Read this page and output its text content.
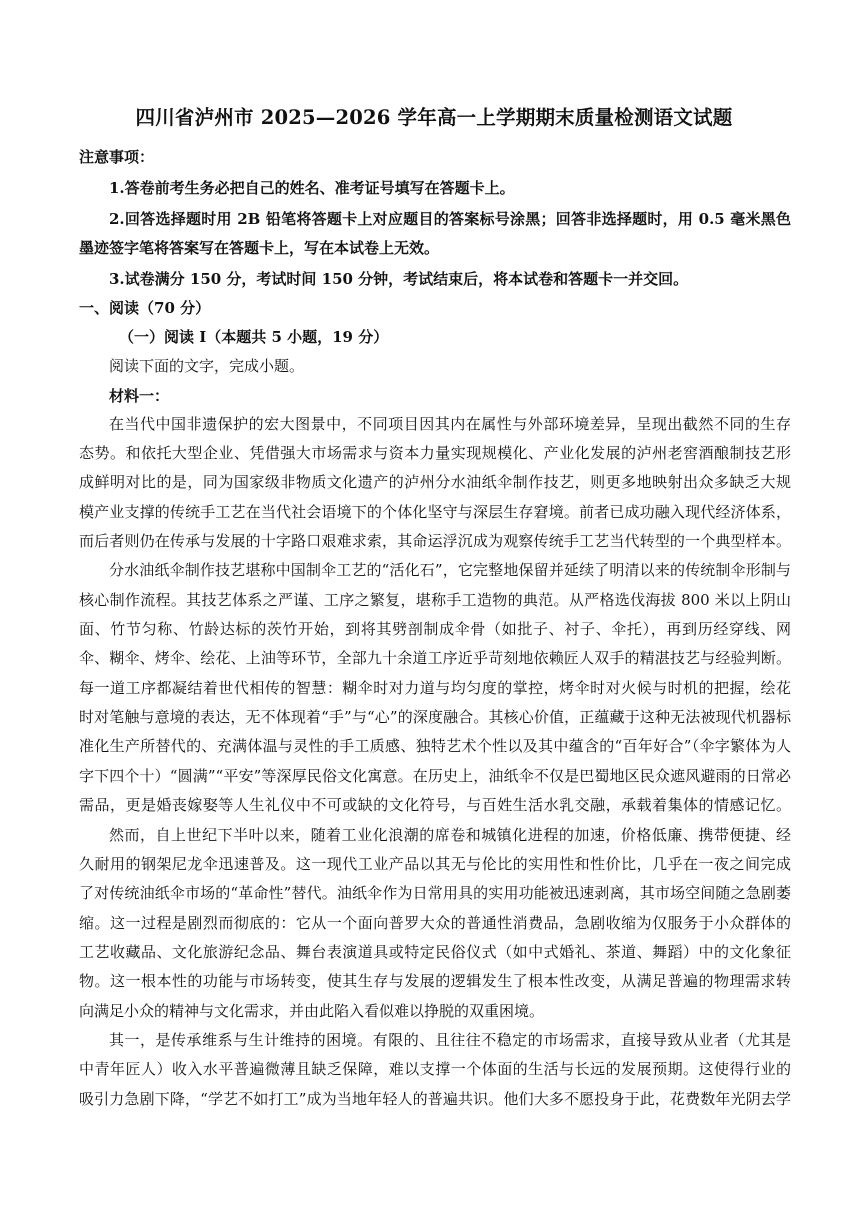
四川省泸州市 2025—2026 学年高一上学期期末质量检测语文试题
注意事项：
1.答卷前考生务必把自己的姓名、准考证号填写在答题卡上。
2.回答选择题时用 2B 铅笔将答题卡上对应题目的答案标号涂黑；回答非选择题时，用 0.5 毫米黑色
墨迹签字笔将答案写在答题卡上，写在本试卷上无效。
3.试卷满分 150 分，考试时间 150 分钟，考试结束后，将本试卷和答题卡一并交回。
一、阅读（70 分）
（一）阅读 I（本题共 5 小题，19 分）
阅读下面的文字，完成小题。
材料一：
在当代中国非遗保护的宏大图景中，不同项目因其内在属性与外部环境差异，呈现出截然不同的生存
态势。和依托大型企业、凭借强大市场需求与资本力量实现规模化、产业化发展的泸州老窖酒酿制技艺形
成鲜明对比的是，同为国家级非物质文化遗产的泸州分水油纸伞制作技艺，则更多地映射出众多缺乏大规
模产业支撑的传统手工艺在当代社会语境下的个体化坚守与深层生存窘境。前者已成功融入现代经济体系，
而后者则仍在传承与发展的十字路口艰难求索，其命运浮沉成为观察传统手工艺当代转型的一个典型样本。
分水油纸伞制作技艺堪称中国制伞工艺的“活化石”，它完整地保留并延续了明清以来的传统制伞形制与
核心制作流程。其技艺体系之严谨、工序之繁复，堪称手工造物的典范。从严格选伐海拔 800 米以上阴山
面、竹节匀称、竹龄达标的茨竹开始，到将其劈剖制成伞骨（如批子、衬子、伞托），再到历经穿线、网
伞、糊伞、烤伞、绘花、上油等环节，全部九十余道工序近乎苛刻地依赖匠人双手的精湛技艺与经验判断。
每一道工序都凝结着世代相传的智慧：糊伞时对力道与均匀度的掌控，烤伞时对火候与时机的把握，绘花
时对笔触与意境的表达，无不体现着“手”与“心”的深度融合。其核心价值，正蕴藏于这种无法被现代机器标
准化生产所替代的、充满体温与灵性的手工质感、独特艺术个性以及其中蕴含的“百年好合”（伞字繁体为人
字下四个十）“圆满”“平安”等深厚民俗文化寓意。在历史上，油纸伞不仅是巴蜀地区民众遮风避雨的日常必
需品，更是婚丧嫁娶等人生礼仪中不可或缺的文化符号，与百姓生活水乳交融，承载着集体的情感记忆。
然而，自上世纪下半叶以来，随着工业化浪潮的席卷和城镇化进程的加速，价格低廉、携带便捷、经
久耐用的钢架尼龙伞迅速普及。这一现代工业产品以其无与伦比的实用性和性价比，几乎在一夜之间完成
了对传统油纸伞市场的“革命性”替代。油纸伞作为日常用具的实用功能被迅速剥离，其市场空间随之急剧萎
缩。这一过程是剧烈而彻底的：它从一个面向普罗大众的普通性消费品，急剧收缩为仅服务于小众群体的
工艺收藏品、文化旅游纪念品、舞台表演道具或特定民俗仪式（如中式婚礼、茶道、舞蹈）中的文化象征
物。这一根本性的功能与市场转变，使其生存与发展的逻辑发生了根本性改变，从满足普遍的物理需求转
向满足小众的精神与文化需求，并由此陷入看似难以挣脱的双重困境。
其一，是传承维系与生计维持的困境。有限的、且往往不稳定的市场需求，直接导致从业者（尤其是
中青年匠人）收入水平普遍微薄且缺乏保障，难以支撑一个体面的生活与长远的发展预期。这使得行业的
吸引力急剧下降，“学艺不如打工”成为当地年轻人的普遍共识。他们大多不愿投身于此，花费数年光阴去学
